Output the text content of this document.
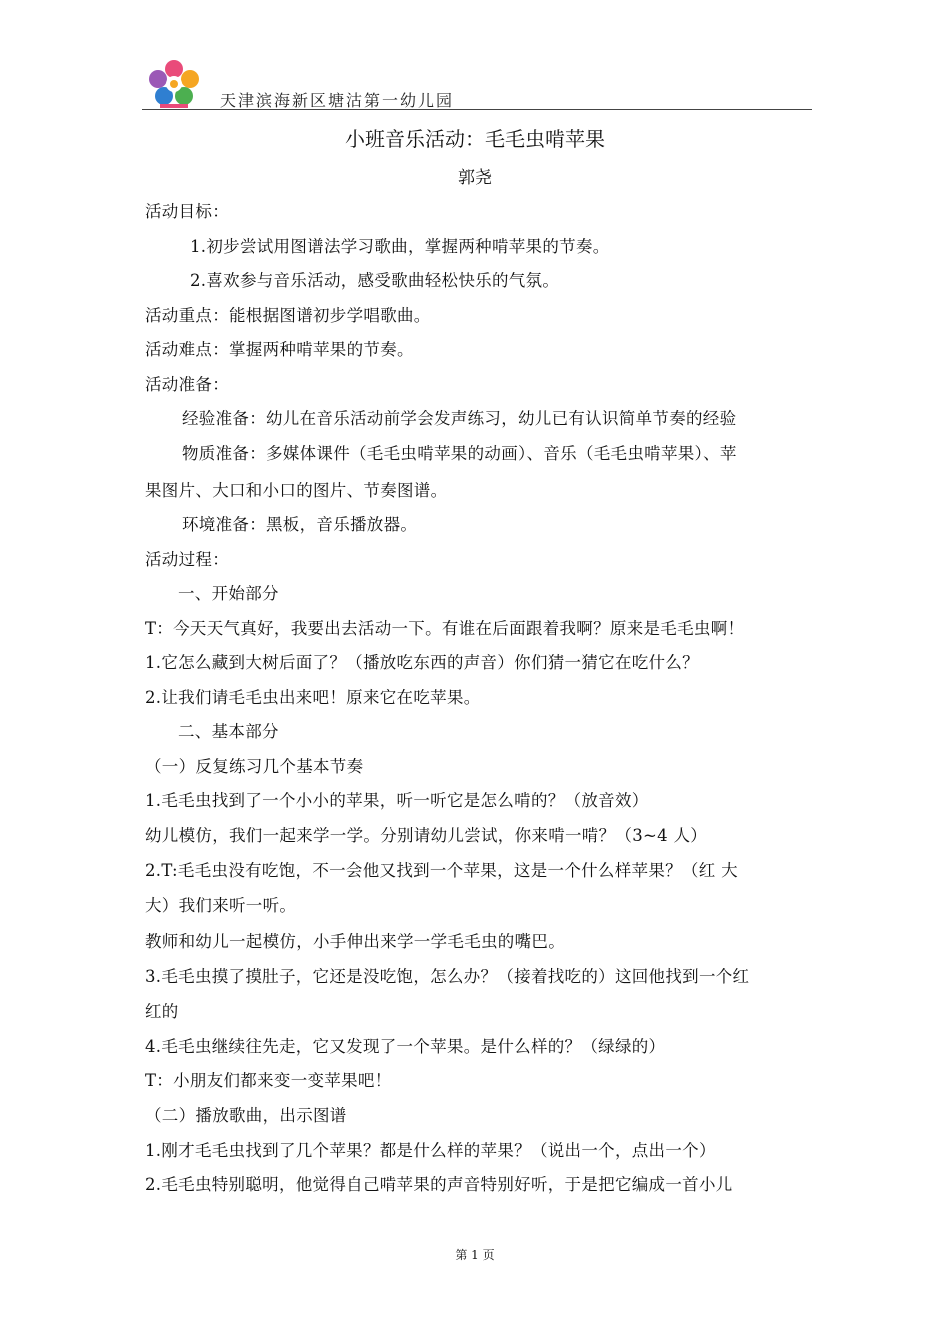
天津滨海新区塘沽第一幼儿园
小班音乐活动：毛毛虫啃苹果
郭尧
活动目标：
1.初步尝试用图谱法学习歌曲，掌握两种啃苹果的节奏。
2.喜欢参与音乐活动，感受歌曲轻松快乐的气氛。
活动重点：能根据图谱初步学唱歌曲。
活动难点：掌握两种啃苹果的节奏。
活动准备：
经验准备：幼儿在音乐活动前学会发声练习，幼儿已有认识简单节奏的经验
物质准备：多媒体课件（毛毛虫啃苹果的动画）、音乐（毛毛虫啃苹果）、苹
果图片、大口和小口的图片、节奏图谱。
环境准备：黑板，音乐播放器。
活动过程：
一、开始部分
T：今天天气真好，我要出去活动一下。有谁在后面跟着我啊？原来是毛毛虫啊！
1.它怎么藏到大树后面了？（播放吃东西的声音）你们猜一猜它在吃什么？
2.让我们请毛毛虫出来吧！原来它在吃苹果。
二、基本部分
（一）反复练习几个基本节奏
1.毛毛虫找到了一个小小的苹果，听一听它是怎么啃的？（放音效）
幼儿模仿，我们一起来学一学。分别请幼儿尝试，你来啃一啃？（3~4 人）
2.T:毛毛虫没有吃饱，不一会他又找到一个苹果，这是一个什么样苹果？（红 大
大）我们来听一听。
教师和幼儿一起模仿，小手伸出来学一学毛毛虫的嘴巴。
3.毛毛虫摸了摸肚子，它还是没吃饱，怎么办？（接着找吃的）这回他找到一个红
红的
4.毛毛虫继续往先走，它又发现了一个苹果。是什么样的？（绿绿的）
T：小朋友们都来变一变苹果吧！
（二）播放歌曲，出示图谱
1.刚才毛毛虫找到了几个苹果？都是什么样的苹果？（说出一个，点出一个）
2.毛毛虫特别聪明，他觉得自己啃苹果的声音特别好听，于是把它编成一首小儿
第 1 页
